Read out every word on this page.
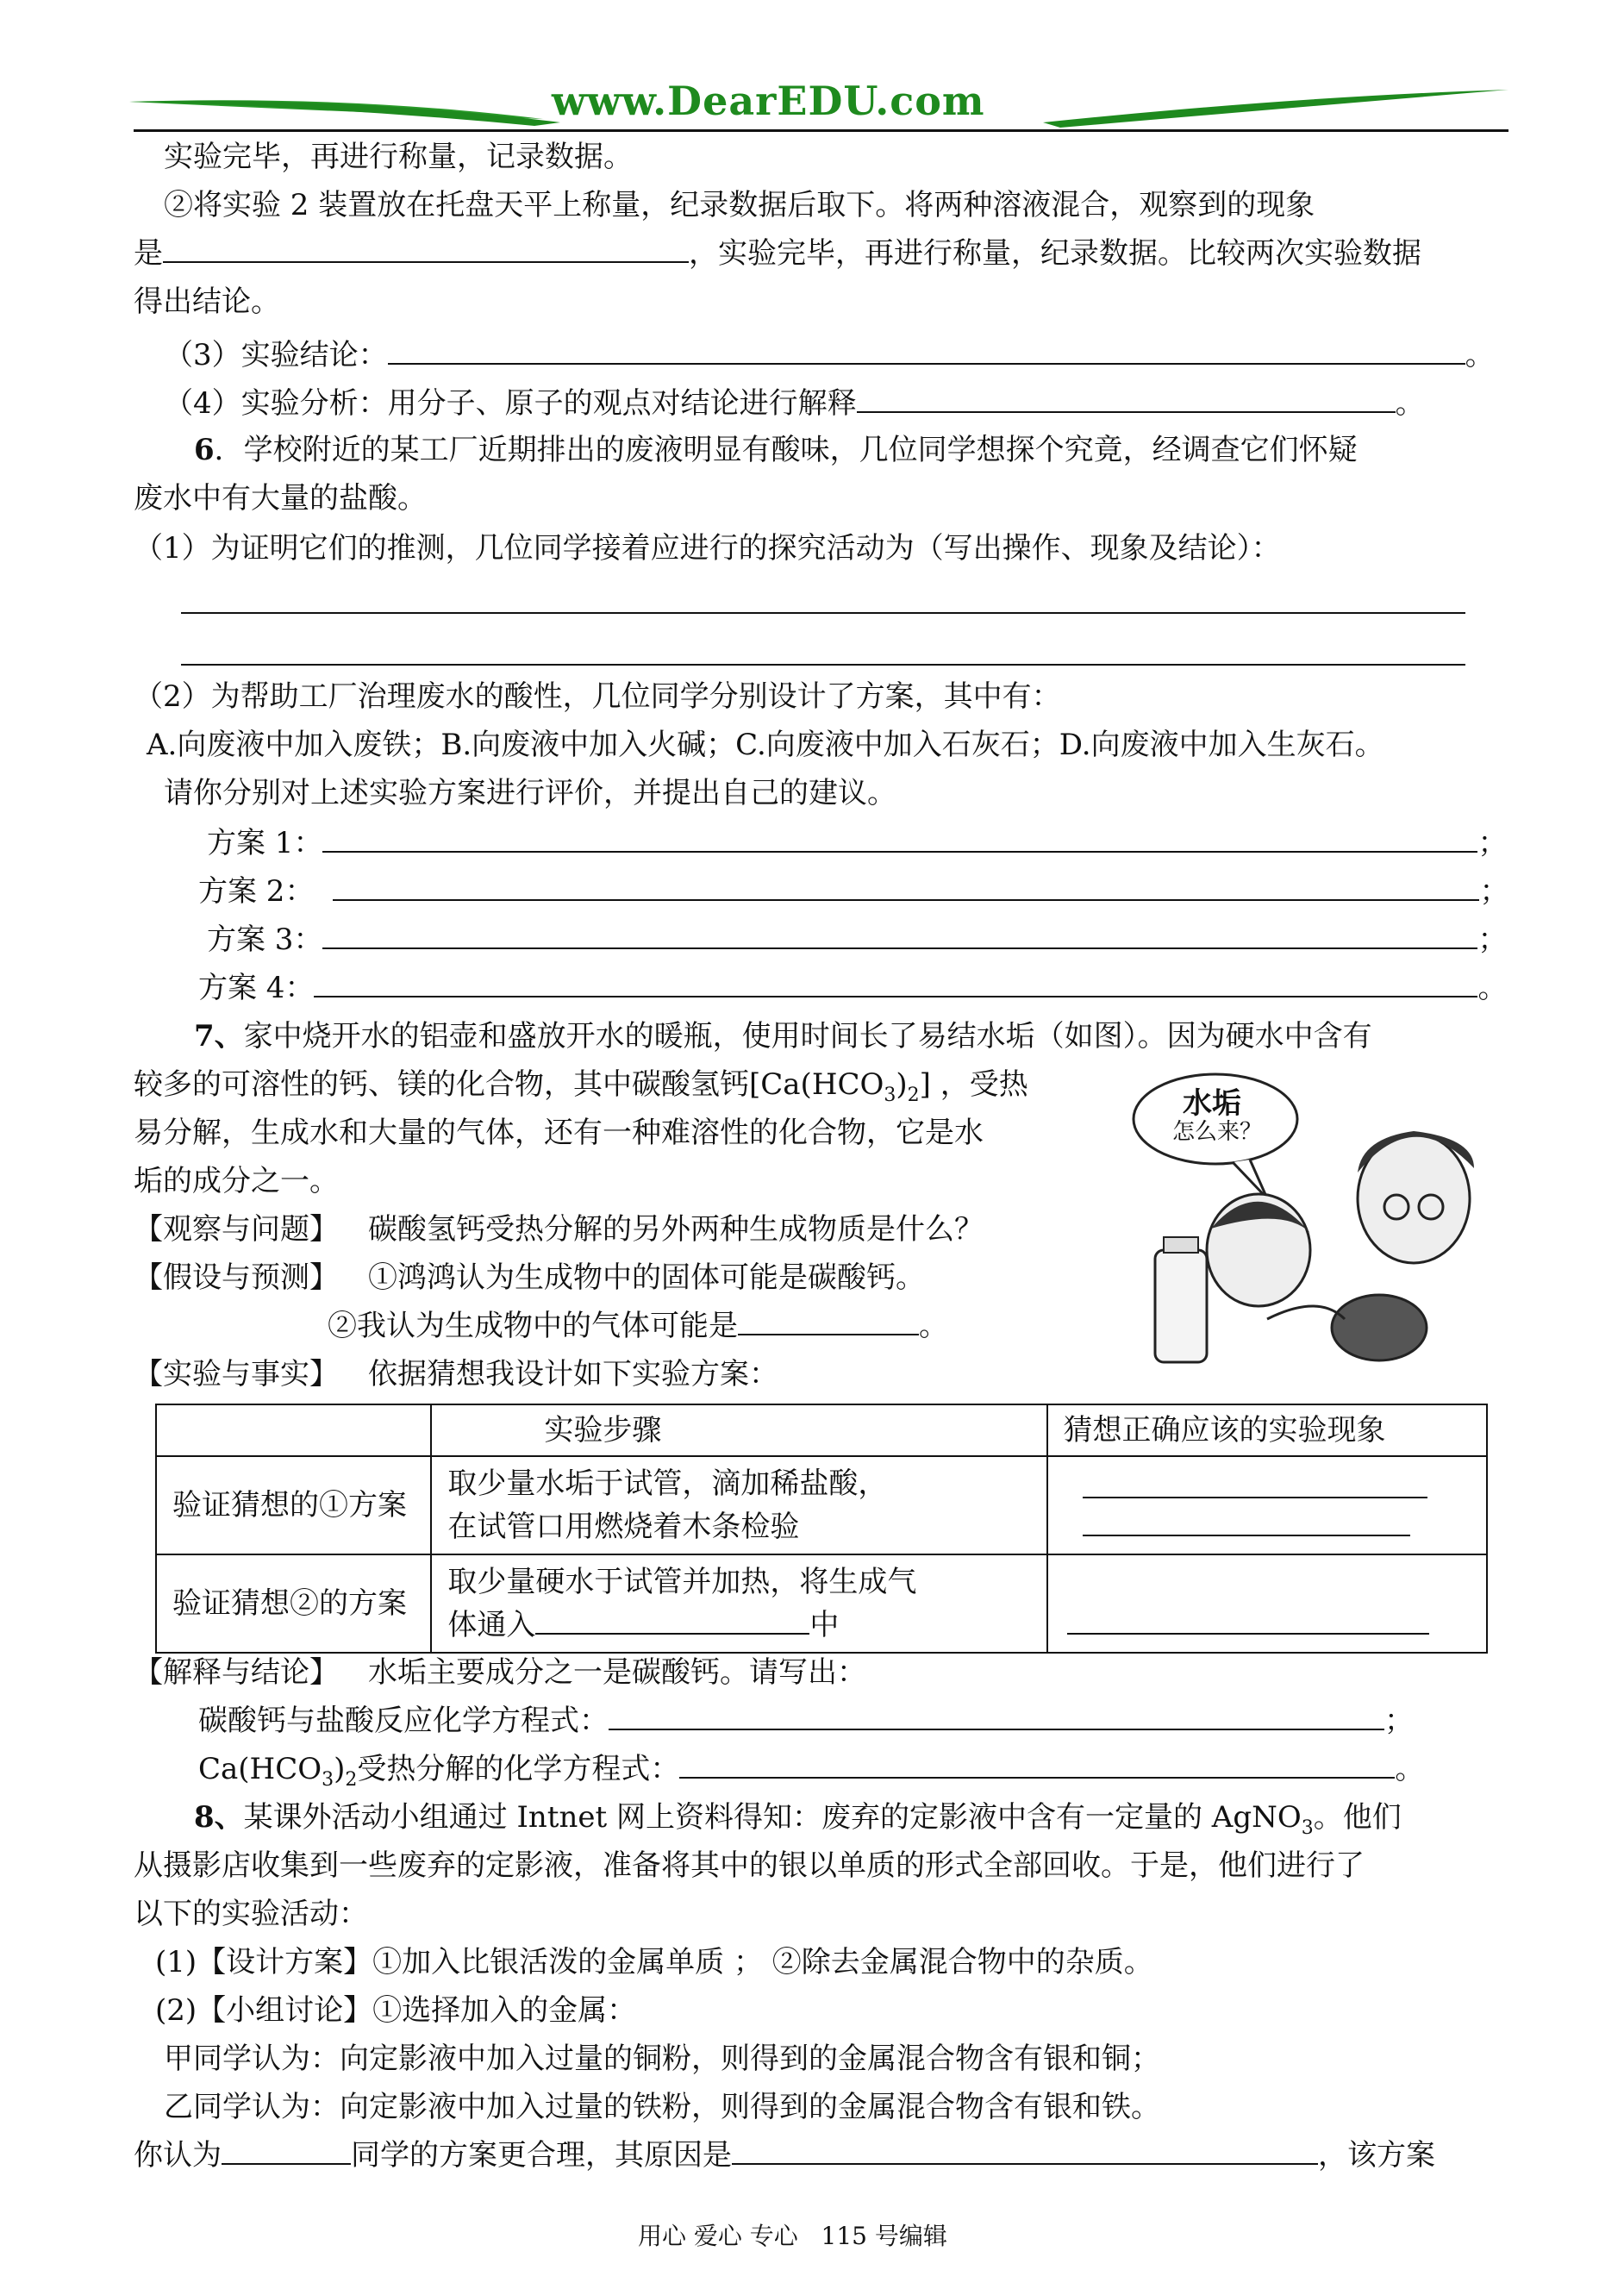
www.DearEDU.com
实验完毕，再进行称量，记录数据。
②将实验 2 装置放在托盘天平上称量，纪录数据后取下。将两种溶液混合，观察到的现象
是	，实验完毕，再进行称量，纪录数据。比较两次实验数据
得出结论。
（3）实验结论：	。
（4）实验分析：用分子、原子的观点对结论进行解释	。
6．学校附近的某工厂近期排出的废液明显有酸味，几位同学想探个究竟，经调查它们怀疑
废水中有大量的盐酸。
（1）为证明它们的推测，几位同学接着应进行的探究活动为（写出操作、现象及结论）：
（2）为帮助工厂治理废水的酸性，几位同学分别设计了方案，其中有：
A.向废液中加入废铁；B.向废液中加入火碱；C.向废液中加入石灰石；D.向废液中加入生灰石。
请你分别对上述实验方案进行评价，并提出自己的建议。
方案 1：	；
方案 2：	；
方案 3：	；
方案 4：	。
7、家中烧开水的铝壶和盛放开水的暖瓶，使用时间长了易结水垢（如图）。因为硬水中含有
较多的可溶性的钙、镁的化合物，其中碳酸氢钙$[Ca(HCO_3)_2]$ ，受热
易分解，生成水和大量的气体，还有一种难溶性的化合物，它是水
垢的成分之一。
【观察与问题】 碳酸氢钙受热分解的另外两种生成物质是什么？
【假设与预测】 ①鸿鸿认为生成物中的固体可能是碳酸钙。
②我认为生成物中的气体可能是	。
【实验与事实】 依据猜想我设计如下实验方案：
水垢
怎么来？
	实验步骤	猜想正确应该的实验现象
验证猜想的①方案	取少量水垢于试管，滴加稀盐酸，
在试管口用燃烧着木条检验	

验证猜想②的方案	取少量硬水于试管并加热，将生成气
体通入 中	

【解释与结论】 水垢主要成分之一是碳酸钙。请写出：
碳酸钙与盐酸反应化学方程式：	；
$Ca(HCO_3)_2$受热分解的化学方程式：	。
8、某课外活动小组通过 Intnet 网上资料得知：废弃的定影液中含有一定量的 AgNO$_3$。他们
从摄影店收集到一些废弃的定影液，准备将其中的银以单质的形式全部回收。于是，他们进行了
以下的实验活动：
(1)【设计方案】①加入比银活泼的金属单质 ； ②除去金属混合物中的杂质。
(2)【小组讨论】①选择加入的金属：
甲同学认为：向定影液中加入过量的铜粉，则得到的金属混合物含有银和铜；
乙同学认为：向定影液中加入过量的铁粉，则得到的金属混合物含有银和铁。
你认为	同学的方案更合理，其原因是	，该方案
用心 爱心 专心   115 号编辑
